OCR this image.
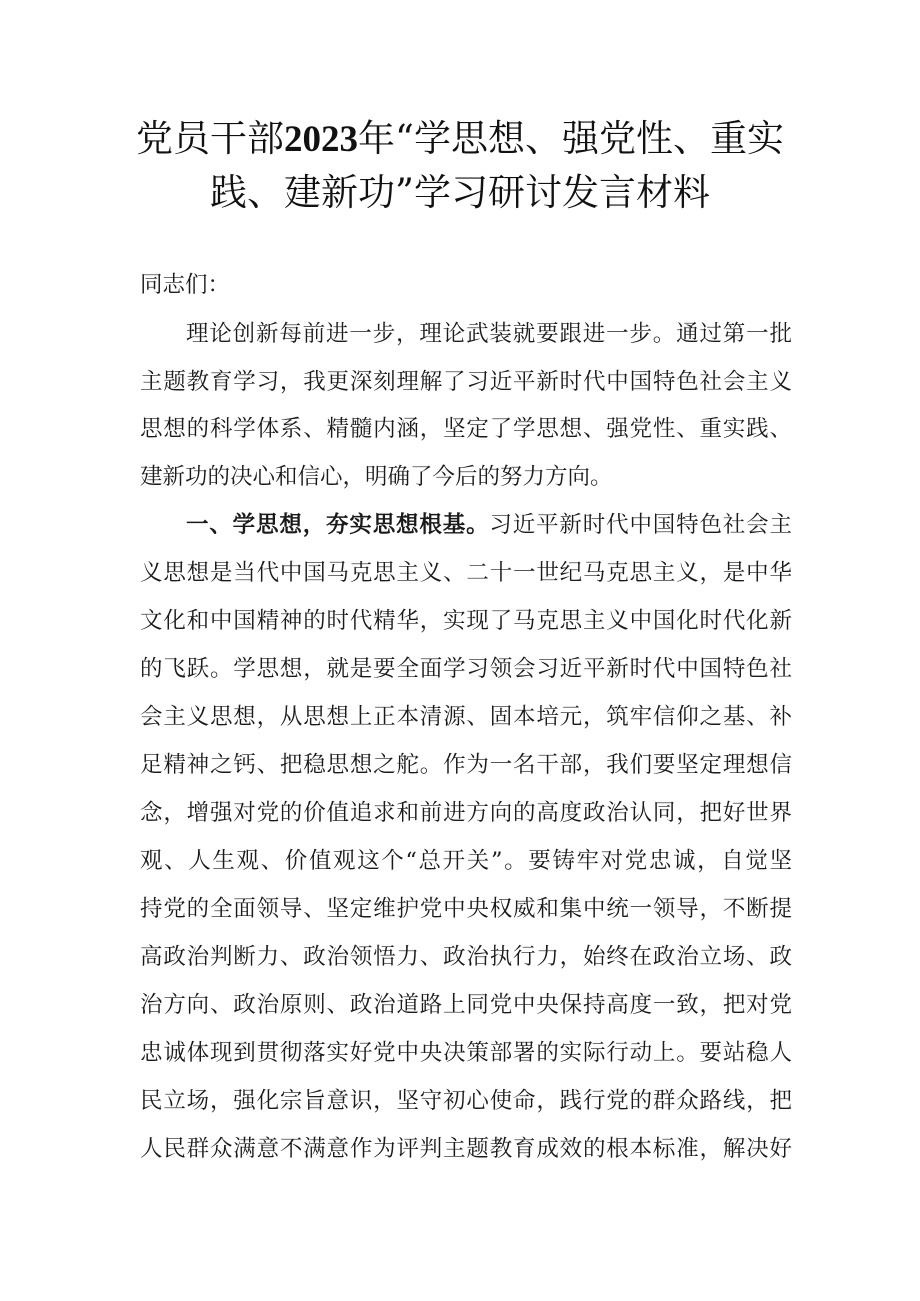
党员干部2023年“学思想、强党性、重实
践、建新功”学习研讨发言材料
同志们：
理论创新每前进一步，理论武装就要跟进一步。通过第一批
主题教育学习，我更深刻理解了习近平新时代中国特色社会主义
思想的科学体系、精髓内涵，坚定了学思想、强党性、重实践、
建新功的决心和信心，明确了今后的努力方向。
一、学思想，夯实思想根基。习近平新时代中国特色社会主
义思想是当代中国马克思主义、二十一世纪马克思主义，是中华
文化和中国精神的时代精华，实现了马克思主义中国化时代化新
的飞跃。学思想，就是要全面学习领会习近平新时代中国特色社
会主义思想，从思想上正本清源、固本培元，筑牢信仰之基、补
足精神之钙、把稳思想之舵。作为一名干部，我们要坚定理想信
念，增强对党的价值追求和前进方向的高度政治认同，把好世界
观、人生观、价值观这个“总开关”。要铸牢对党忠诚，自觉坚
持党的全面领导、坚定维护党中央权威和集中统一领导，不断提
高政治判断力、政治领悟力、政治执行力，始终在政治立场、政
治方向、政治原则、政治道路上同党中央保持高度一致，把对党
忠诚体现到贯彻落实好党中央决策部署的实际行动上。要站稳人
民立场，强化宗旨意识，坚守初心使命，践行党的群众路线，把
人民群众满意不满意作为评判主题教育成效的根本标准，解决好
